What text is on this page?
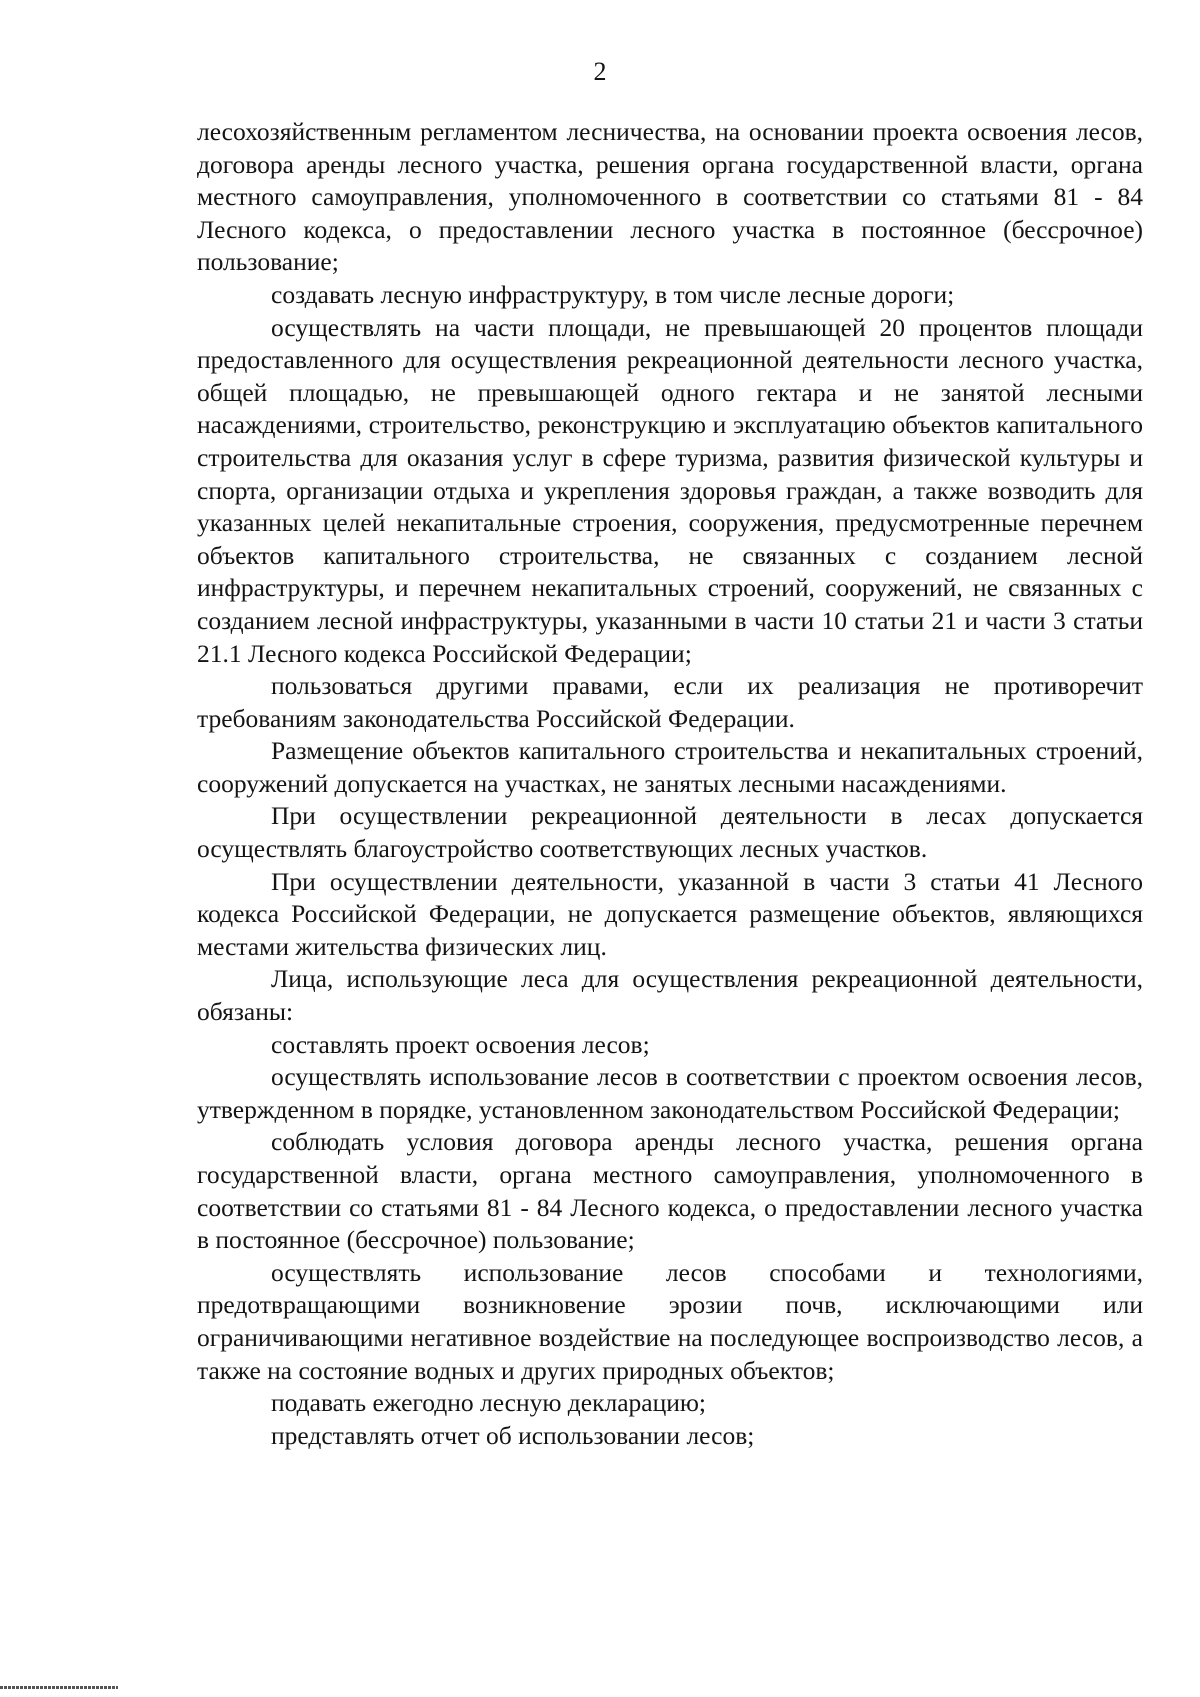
2

лесохозяйственным регламентом лесничества, на основании проекта освоения лесов, договора аренды лесного участка, решения органа государственной власти, органа местного самоуправления, уполномоченного в соответствии со статьями 81 - 84 Лесного кодекса, о предоставлении лесного участка в постоянное (бессрочное) пользование;

создавать лесную инфраструктуру, в том числе лесные дороги;

осуществлять на части площади, не превышающей 20 процентов площади предоставленного для осуществления рекреационной деятельности лесного участка, общей площадью, не превышающей одного гектара и не занятой лесными насаждениями, строительство, реконструкцию и эксплуатацию объектов капитального строительства для оказания услуг в сфере туризма, развития физической культуры и спорта, организации отдыха и укрепления здоровья граждан, а также возводить для указанных целей некапитальные строения, сооружения, предусмотренные перечнем объектов капитального строительства, не связанных с созданием лесной инфраструктуры, и перечнем некапитальных строений, сооружений, не связанных с созданием лесной инфраструктуры, указанными в части 10 статьи 21 и части 3 статьи 21.1 Лесного кодекса Российской Федерации;

пользоваться другими правами, если их реализация не противоречит требованиям законодательства Российской Федерации.

Размещение объектов капитального строительства и некапитальных строений, сооружений допускается на участках, не занятых лесными насаждениями.

При осуществлении рекреационной деятельности в лесах допускается осуществлять благоустройство соответствующих лесных участков.

При осуществлении деятельности, указанной в части 3 статьи 41 Лесного кодекса Российской Федерации, не допускается размещение объектов, являющихся местами жительства физических лиц.

Лица, использующие леса для осуществления рекреационной деятельности, обязаны:

составлять проект освоения лесов;

осуществлять использование лесов в соответствии с проектом освоения лесов, утвержденном в порядке, установленном законодательством Российской Федерации;

соблюдать условия договора аренды лесного участка, решения органа государственной власти, органа местного самоуправления, уполномоченного в соответствии со статьями 81 - 84 Лесного кодекса, о предоставлении лесного участка в постоянное (бессрочное) пользование;

осуществлять использование лесов способами и технологиями, предотвращающими возникновение эрозии почв, исключающими или ограничивающими негативное воздействие на последующее воспроизводство лесов, а также на состояние водных и других природных объектов;

подавать ежегодно лесную декларацию;

представлять отчет об использовании лесов;
